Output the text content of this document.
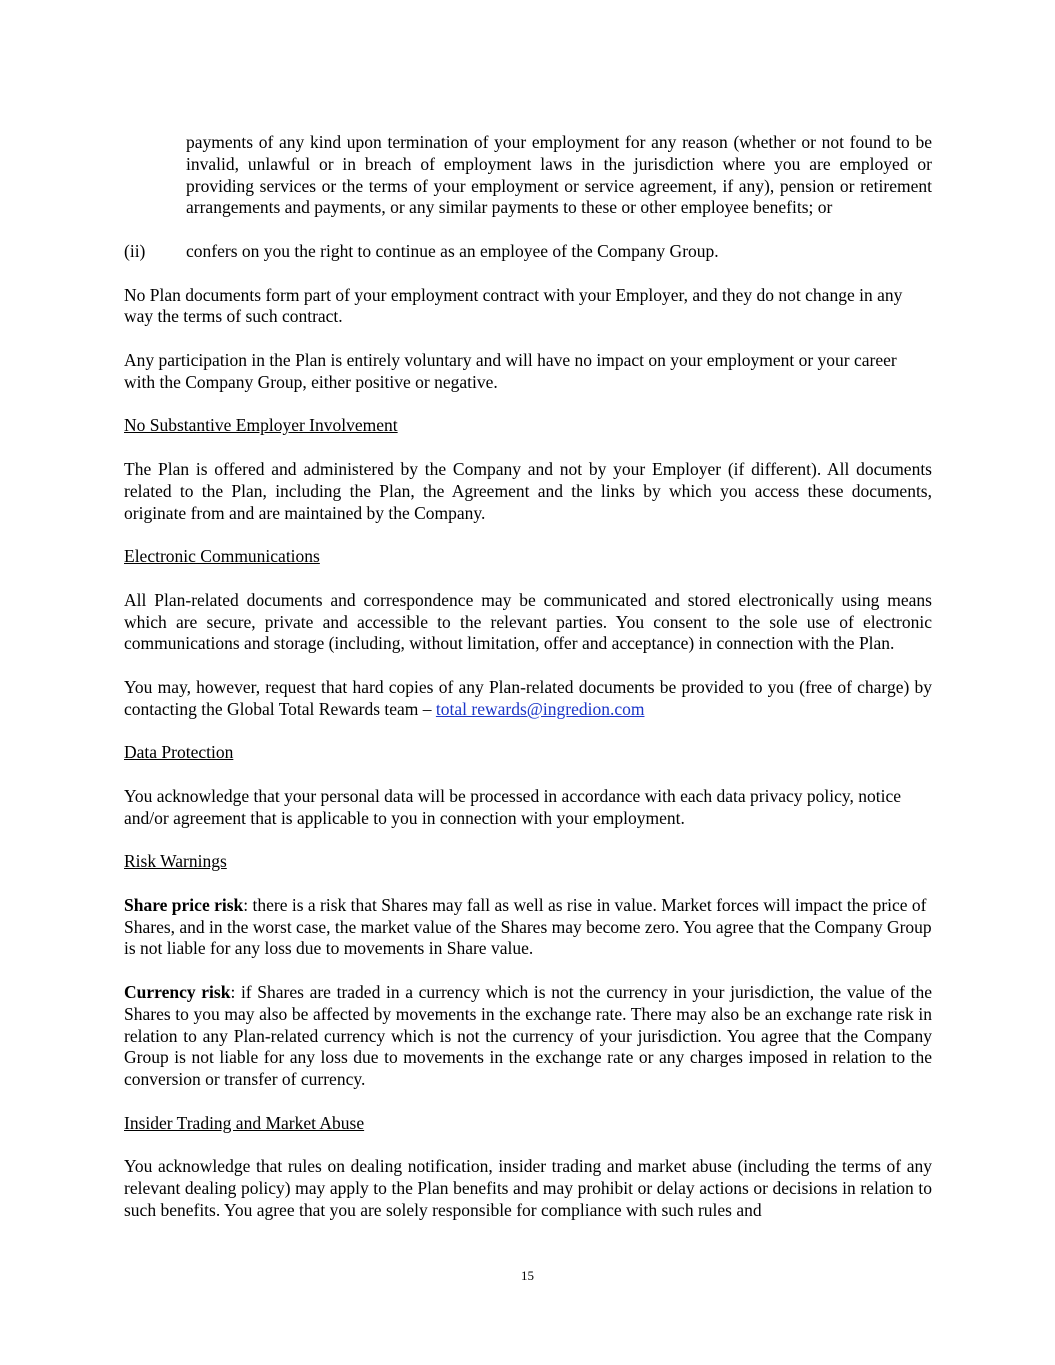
payments of any kind upon termination of your employment for any reason (whether or not found to be invalid, unlawful or in breach of employment laws in the jurisdiction where you are employed or providing services or the terms of your employment or service agreement, if any), pension or retirement arrangements and payments, or any similar payments to these or other employee benefits; or

(ii)	confers on you the right to continue as an employee of the Company Group.

No Plan documents form part of your employment contract with your Employer, and they do not change in any way the terms of such contract.

Any participation in the Plan is entirely voluntary and will have no impact on your employment or your career with the Company Group, either positive or negative.

No Substantive Employer Involvement

The Plan is offered and administered by the Company and not by your Employer (if different). All documents related to the Plan, including the Plan, the Agreement and the links by which you access these documents, originate from and are maintained by the Company.

Electronic Communications

All Plan-related documents and correspondence may be communicated and stored electronically using means which are secure, private and accessible to the relevant parties. You consent to the sole use of electronic communications and storage (including, without limitation, offer and acceptance) in connection with the Plan.

You may, however, request that hard copies of any Plan-related documents be provided to you (free of charge) by contacting the Global Total Rewards team – total rewards@ingredion.com

Data Protection

You acknowledge that your personal data will be processed in accordance with each data privacy policy, notice and/or agreement that is applicable to you in connection with your employment.

Risk Warnings

Share price risk: there is a risk that Shares may fall as well as rise in value. Market forces will impact the price of Shares, and in the worst case, the market value of the Shares may become zero. You agree that the Company Group is not liable for any loss due to movements in Share value.

Currency risk: if Shares are traded in a currency which is not the currency in your jurisdiction, the value of the Shares to you may also be affected by movements in the exchange rate. There may also be an exchange rate risk in relation to any Plan-related currency which is not the currency of your jurisdiction. You agree that the Company Group is not liable for any loss due to movements in the exchange rate or any charges imposed in relation to the conversion or transfer of currency.

Insider Trading and Market Abuse

You acknowledge that rules on dealing notification, insider trading and market abuse (including the terms of any relevant dealing policy) may apply to the Plan benefits and may prohibit or delay actions or decisions in relation to such benefits. You agree that you are solely responsible for compliance with such rules and

15
